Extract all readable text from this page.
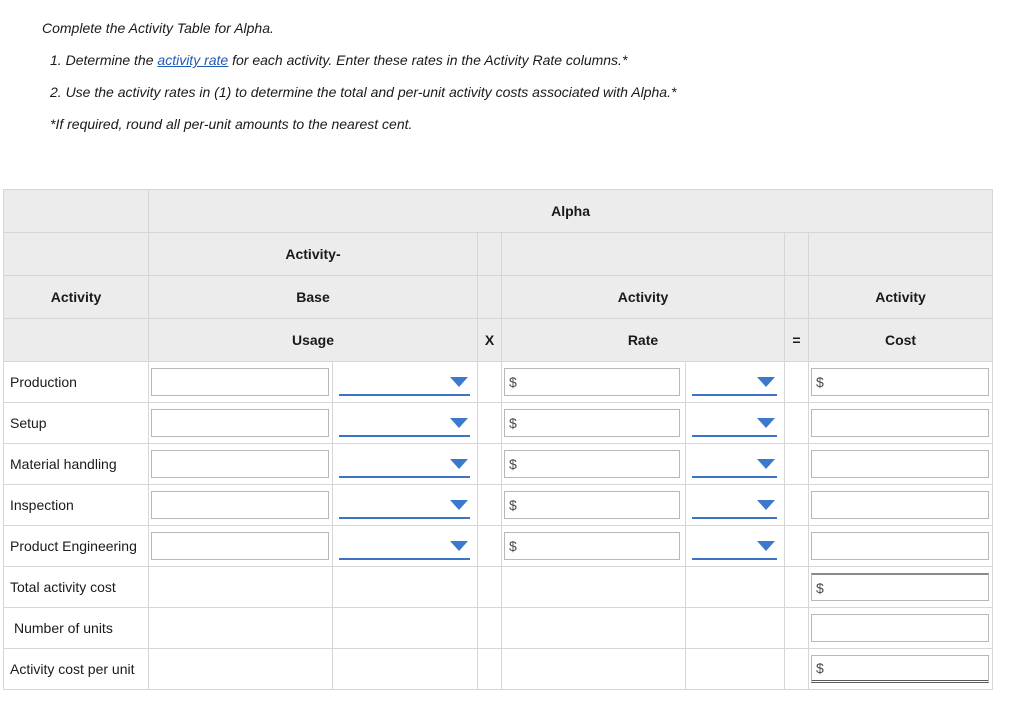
Complete the Activity Table for Alpha.
1. Determine the activity rate for each activity. Enter these rates in the Activity Rate columns.*
2. Use the activity rates in (1) to determine the total and per-unit activity costs associated with Alpha.*
*If required, round all per-unit amounts to the nearest cent.
	Alpha						
	Activity-						
Activity	Base			Activity			Activity
	Usage		X	Rate		=	Cost
Production				$			$

Setup				$			

Material handling				$			

Inspection				$			

Product Engineering				$			

Total activity cost							$

Number of units							

Activity cost per unit							$
